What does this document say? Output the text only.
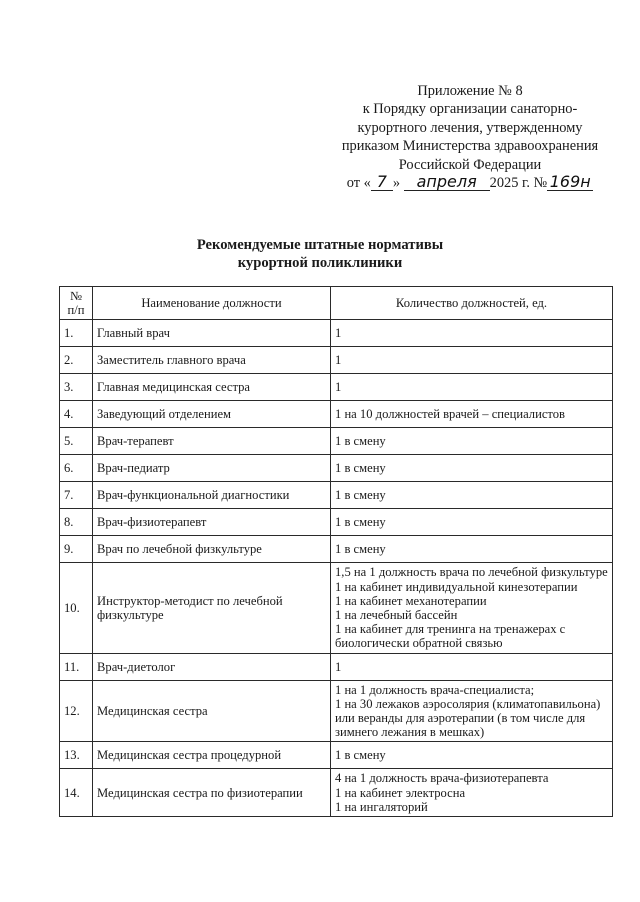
Приложение № 8
к Порядку организации санаторно-
курортного лечения, утвержденному
приказом Министерства здравоохранения
Российской Федерации
от « 7 » апреля 2025 г. № 169н
Рекомендуемые штатные нормативы
курортной поликлиники
№ п/п	Наименование должности	Количество должностей, ед.
1.	Главный врач	1

2.	Заместитель главного врача	1

3.	Главная медицинская сестра	1

4.	Заведующий отделением	1 на 10 должностей врачей – специалистов

5.	Врач-терапевт	1 в смену

6.	Врач-педиатр	1 в смену

7.	Врач-функциональной диагностики	1 в смену

8.	Врач-физиотерапевт	1 в смену

9.	Врач по лечебной физкультуре	1 в смену

10.	Инструктор-методист по лечебной физкультуре	1,5 на 1 должность врача по лечебной физкультуре
1 на кабинет индивидуальной кинезотерапии
1 на кабинет механотерапии
1 на лечебный бассейн
1 на кабинет для тренинга на тренажерах с биологически обратной связью

11.	Врач-диетолог	1

12.	Медицинская сестра	1 на 1 должность врача-специалиста;
1 на 30 лежаков аэросолярия (климатопавильона) или веранды для аэротерапии (в том числе для зимнего лежания в мешках)

13.	Медицинская сестра процедурной	1 в смену

14.	Медицинская сестра по физиотерапии	4 на 1 должность врача-физиотерапевта
1 на кабинет электросна
1 на ингаляторий
